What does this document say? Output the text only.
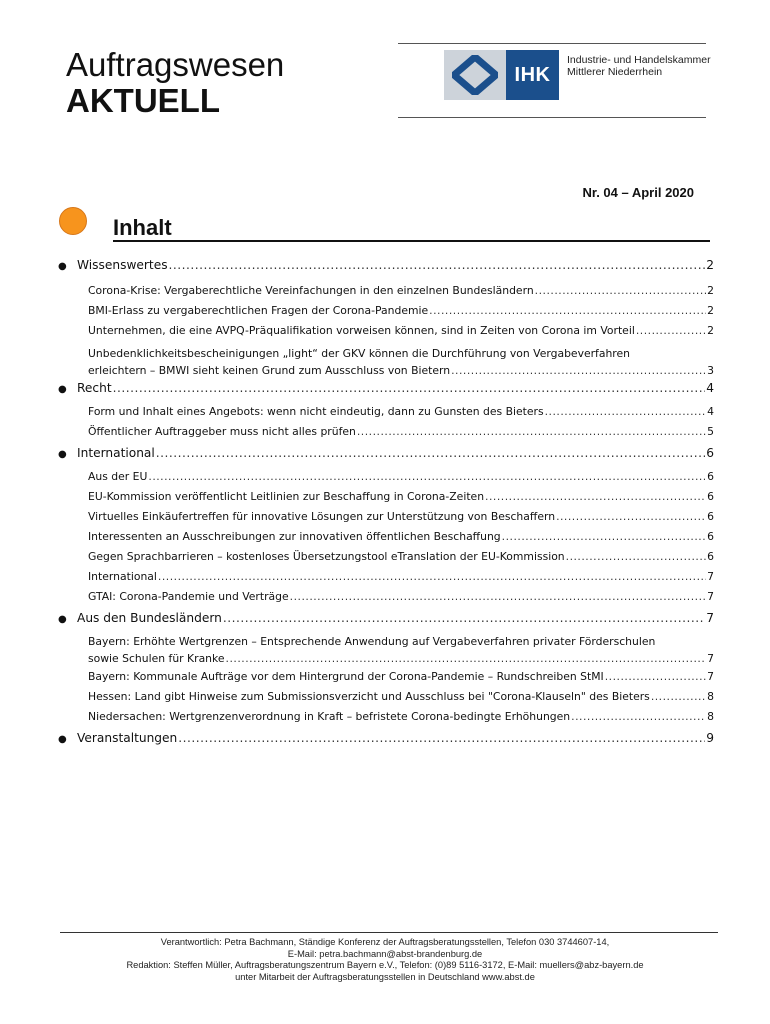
Auftragswesen
AKTUELL
IHK
Industrie- und Handelskammer
Mittlerer Niederrhein
Nr. 04 – April 2020
Inhalt
● Wissenswertes .....	2
Corona-Krise: Vergaberechtliche Vereinfachungen in den einzelnen Bundesländern .....	2
BMI-Erlass zu vergaberechtlichen Fragen der Corona-Pandemie .....	2
Unternehmen, die eine AVPQ-Präqualifikation vorweisen können, sind in Zeiten von Corona im Vorteil .....	2
Unbedenklichkeitsbescheinigungen „light“ der GKV können die Durchführung von Vergabeverfahren
erleichtern – BMWI sieht keinen Grund zum Ausschluss von Bietern .....	3
● Recht .....	4
Form und Inhalt eines Angebots: wenn nicht eindeutig, dann zu Gunsten des Bieters .....	4
Öffentlicher Auftraggeber muss nicht alles prüfen .....	5
● International .....	6
Aus der EU .....	6
EU-Kommission veröffentlicht Leitlinien zur Beschaffung in Corona-Zeiten .....	6
Virtuelles Einkäufertreffen für innovative Lösungen zur Unterstützung von Beschaffern .....	6
Interessenten an Ausschreibungen zur innovativen öffentlichen Beschaffung .....	6
Gegen Sprachbarrieren – kostenloses Übersetzungstool eTranslation der EU-Kommission .....	6
International .....	7
GTAI: Corona-Pandemie und Verträge .....	7
● Aus den Bundesländern .....	7
Bayern: Erhöhte Wertgrenzen – Entsprechende Anwendung auf Vergabeverfahren privater Förderschulen
sowie Schulen für Kranke .....	7
Bayern: Kommunale Aufträge vor dem Hintergrund der Corona-Pandemie – Rundschreiben StMI .....	7
Hessen: Land gibt Hinweise zum Submissionsverzicht und Ausschluss bei "Corona-Klauseln" des Bieters .....	8
Niedersachen: Wertgrenzenverordnung in Kraft – befristete Corona-bedingte Erhöhungen .....	8
● Veranstaltungen .....	9
Verantwortlich: Petra Bachmann, Ständige Konferenz der Auftragsberatungsstellen, Telefon 030 3744607-14,
E-Mail: petra.bachmann@abst-brandenburg.de
Redaktion: Steffen Müller, Auftragsberatungszentrum Bayern e.V., Telefon: (0)89 5116-3172, E-Mail: muellers@abz-bayern.de
unter Mitarbeit der Auftragsberatungsstellen in Deutschland www.abst.de
